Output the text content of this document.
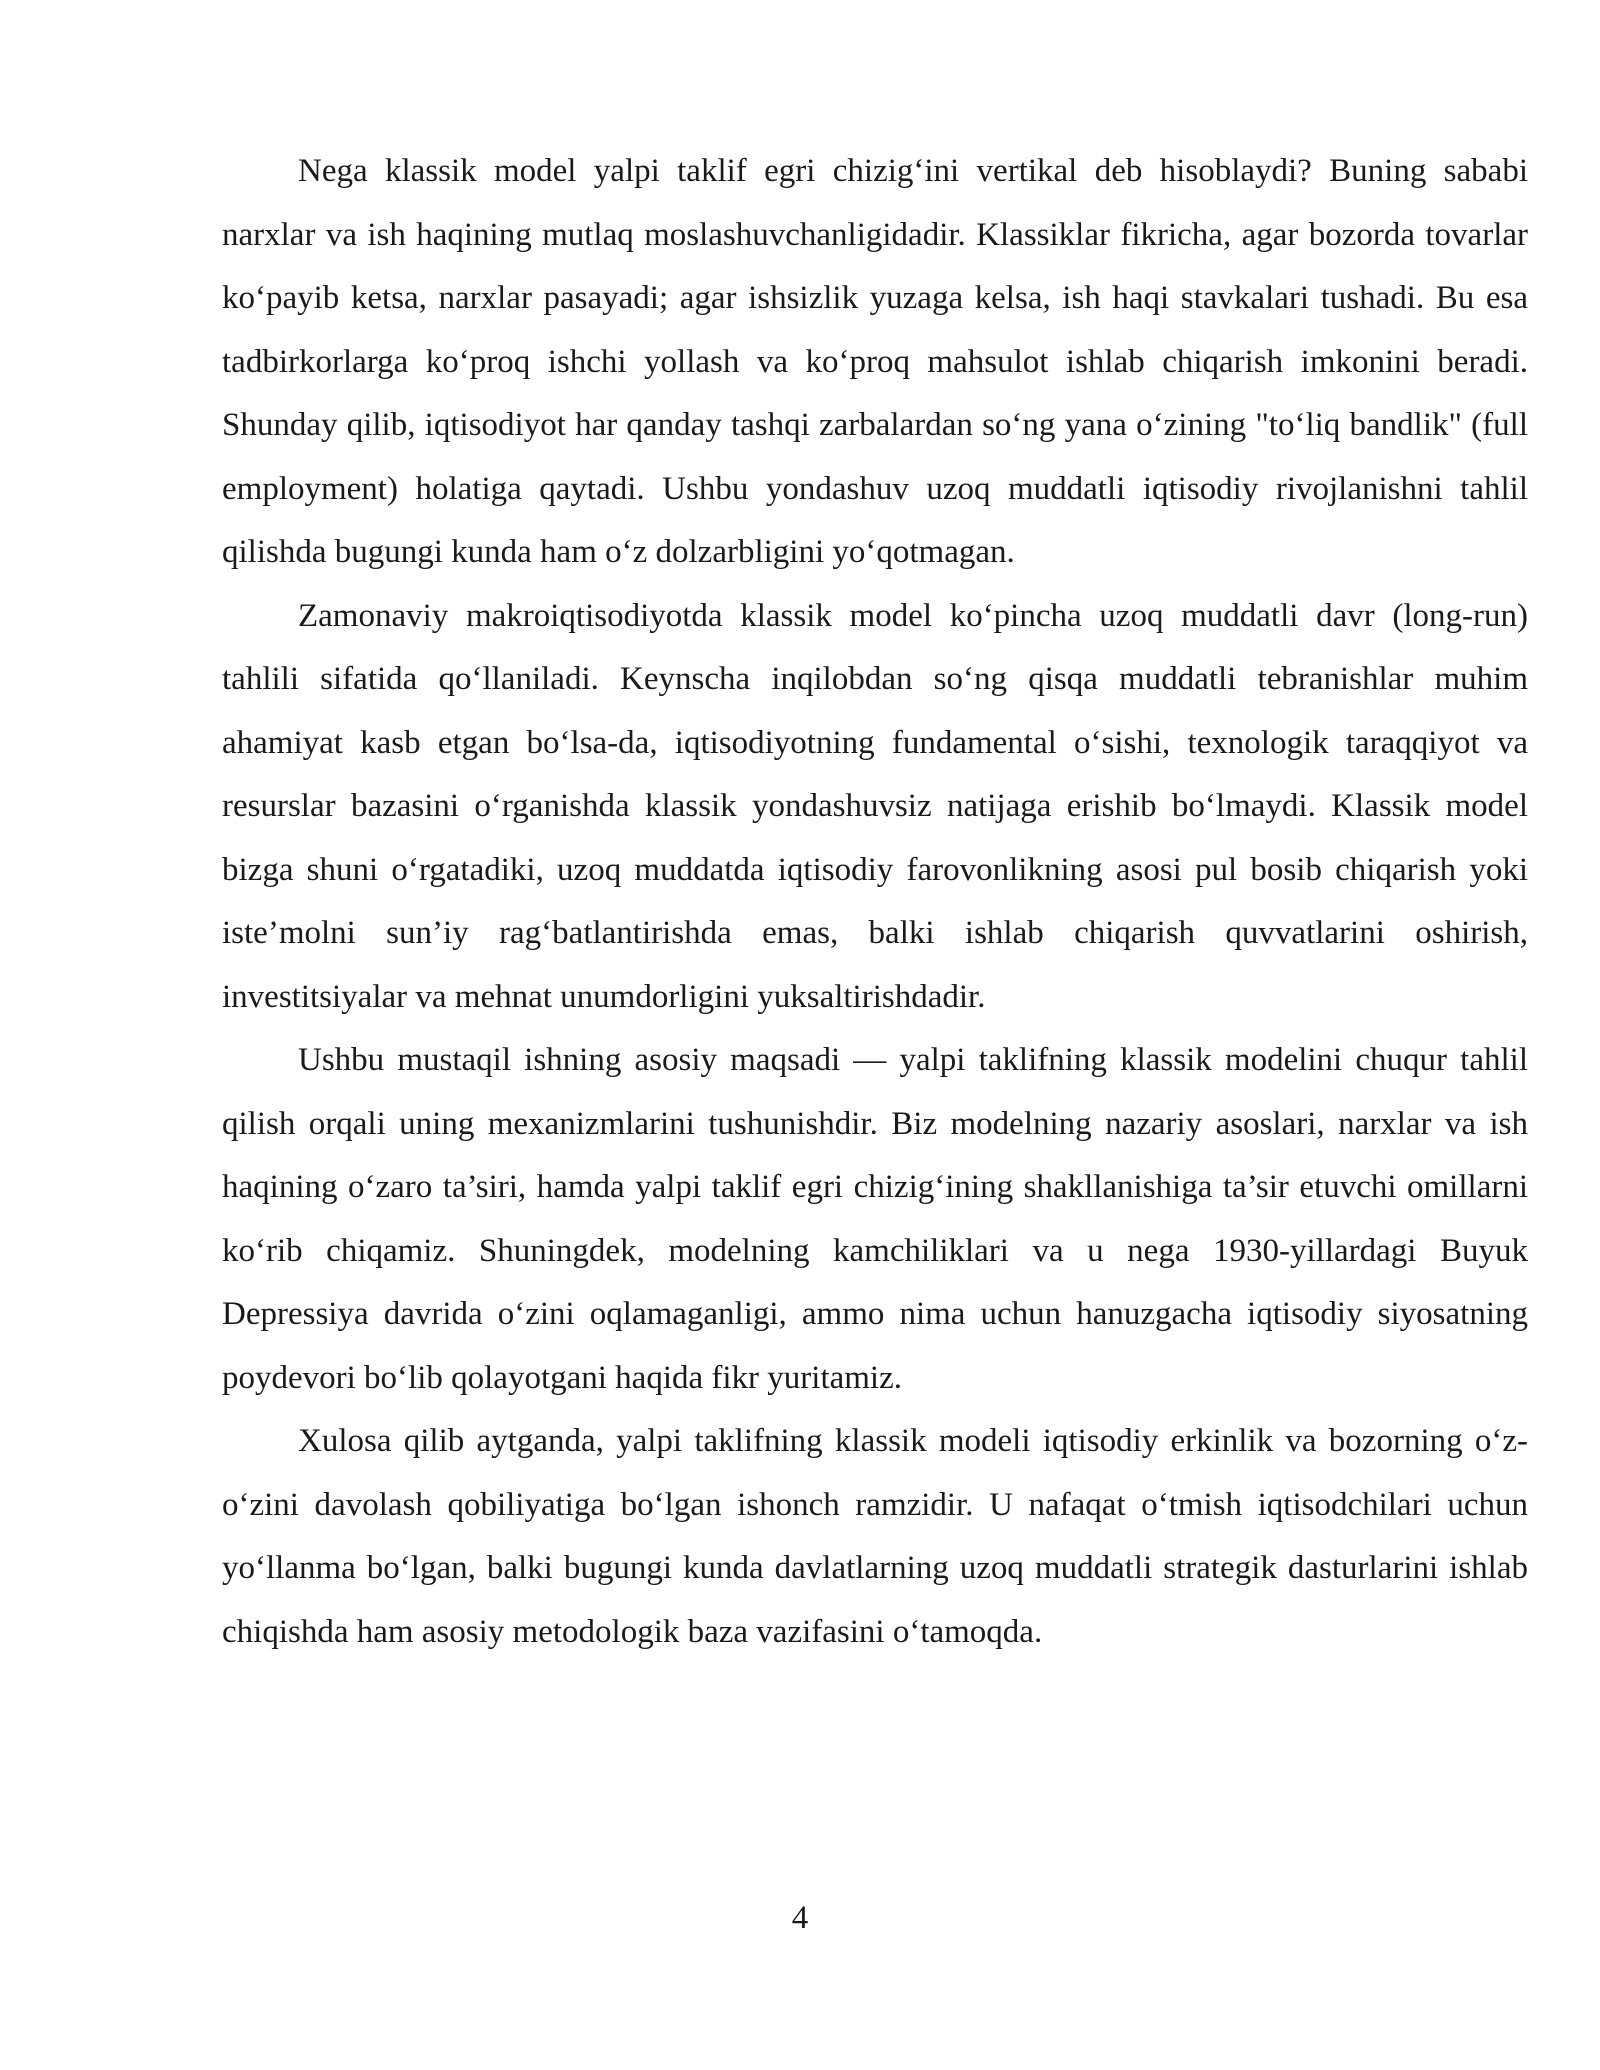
Nega klassik model yalpi taklif egri chizig‘ini vertikal deb hisoblaydi? Buning sababi narxlar va ish haqining mutlaq moslashuvchanligidadir. Klassiklar fikricha, agar bozorda tovarlar ko‘payib ketsa, narxlar pasayadi; agar ishsizlik yuzaga kelsa, ish haqi stavkalari tushadi. Bu esa tadbirkorlarga ko‘proq ishchi yollash va ko‘proq mahsulot ishlab chiqarish imkonini beradi. Shunday qilib, iqtisodiyot har qanday tashqi zarbalardan so‘ng yana o‘zining "to‘liq bandlik" (full employment) holatiga qaytadi. Ushbu yondashuv uzoq muddatli iqtisodiy rivojlanishni tahlil qilishda bugungi kunda ham o‘z dolzarbligini yo‘qotmagan.

Zamonaviy makroiqtisodiyotda klassik model ko‘pincha uzoq muddatli davr (long-run) tahlili sifatida qo‘llaniladi. Keynscha inqilobdan so‘ng qisqa muddatli tebranishlar muhim ahamiyat kasb etgan bo‘lsa-da, iqtisodiyotning fundamental o‘sishi, texnologik taraqqiyot va resurslar bazasini o‘rganishda klassik yondashuvsiz natijaga erishib bo‘lmaydi. Klassik model bizga shuni o‘rgatadiki, uzoq muddatda iqtisodiy farovonlikning asosi pul bosib chiqarish yoki iste’molni sun’iy rag‘batlantirishda emas, balki ishlab chiqarish quvvatlarini oshirish, investitsiyalar va mehnat unumdorligini yuksaltirishdadir.

Ushbu mustaqil ishning asosiy maqsadi — yalpi taklifning klassik modelini chuqur tahlil qilish orqali uning mexanizmlarini tushunishdir. Biz modelning nazariy asoslari, narxlar va ish haqining o‘zaro ta’siri, hamda yalpi taklif egri chizig‘ining shakllanishiga ta’sir etuvchi omillarni ko‘rib chiqamiz. Shuningdek, modelning kamchiliklari va u nega 1930-yillardagi Buyuk Depressiya davrida o‘zini oqlamaganligi, ammo nima uchun hanuzgacha iqtisodiy siyosatning poydevori bo‘lib qolayotgani haqida fikr yuritamiz.

Xulosa qilib aytganda, yalpi taklifning klassik modeli iqtisodiy erkinlik va bozorning o‘z-o‘zini davolash qobiliyatiga bo‘lgan ishonch ramzidir. U nafaqat o‘tmish iqtisodchilari uchun yo‘llanma bo‘lgan, balki bugungi kunda davlatlarning uzoq muddatli strategik dasturlarini ishlab chiqishda ham asosiy metodologik baza vazifasini o‘tamoqda.

4
